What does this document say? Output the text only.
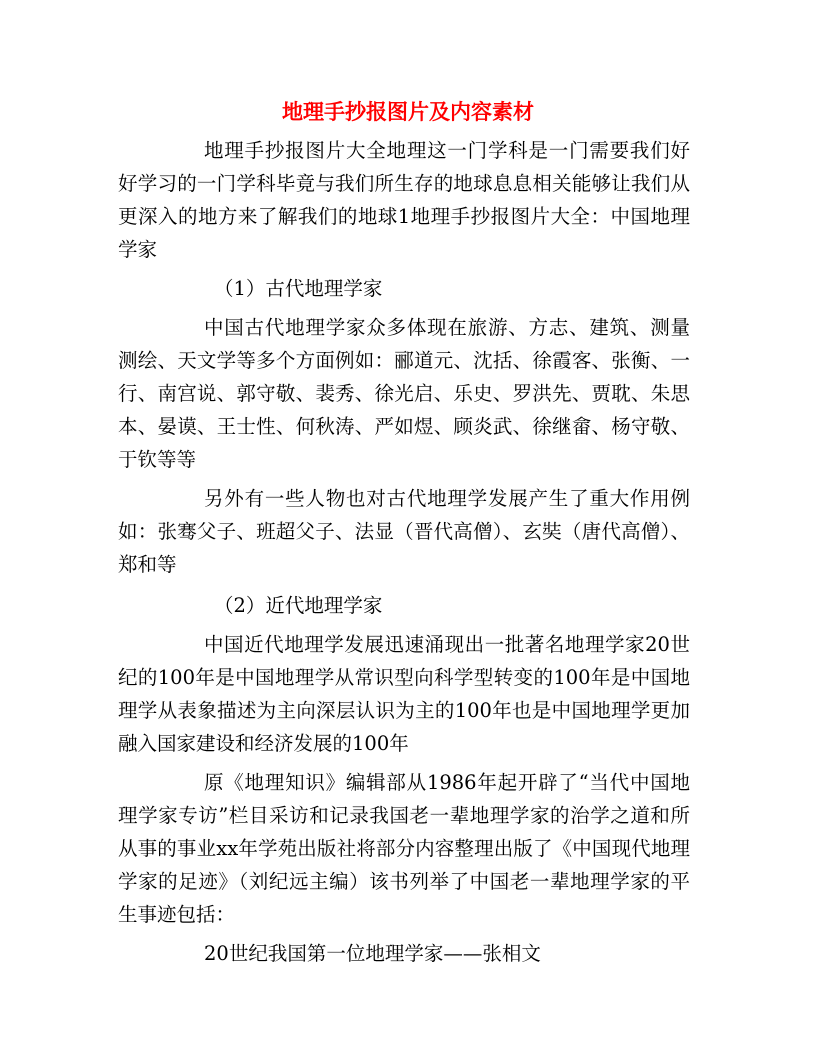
地理手抄报图片及内容素材

地理手抄报图片大全地理这一门学科是一门需要我们好好学习的一门学科毕竟与我们所生存的地球息息相关能够让我们从更深入的地方来了解我们的地球1地理手抄报图片大全：中国地理学家

（1）古代地理学家

中国古代地理学家众多体现在旅游、方志、建筑、测量测绘、天文学等多个方面例如：郦道元、沈括、徐霞客、张衡、一行、南宫说、郭守敬、裴秀、徐光启、乐史、罗洪先、贾耽、朱思本、晏谟、王士性、何秋涛、严如煜、顾炎武、徐继畲、杨守敬、于钦等等

另外有一些人物也对古代地理学发展产生了重大作用例如：张骞父子、班超父子、法显（晋代高僧）、玄奘（唐代高僧）、郑和等

（2）近代地理学家

中国近代地理学发展迅速涌现出一批著名地理学家20世纪的100年是中国地理学从常识型向科学型转变的100年是中国地理学从表象描述为主向深层认识为主的100年也是中国地理学更加融入国家建设和经济发展的100年

原《地理知识》编辑部从1986年起开辟了“当代中国地理学家专访”栏目采访和记录我国老一辈地理学家的治学之道和所从事的事业xx年学苑出版社将部分内容整理出版了《中国现代地理学家的足迹》（刘纪远主编）该书列举了中国老一辈地理学家的平生事迹包括：

20世纪我国第一位地理学家——张相文
